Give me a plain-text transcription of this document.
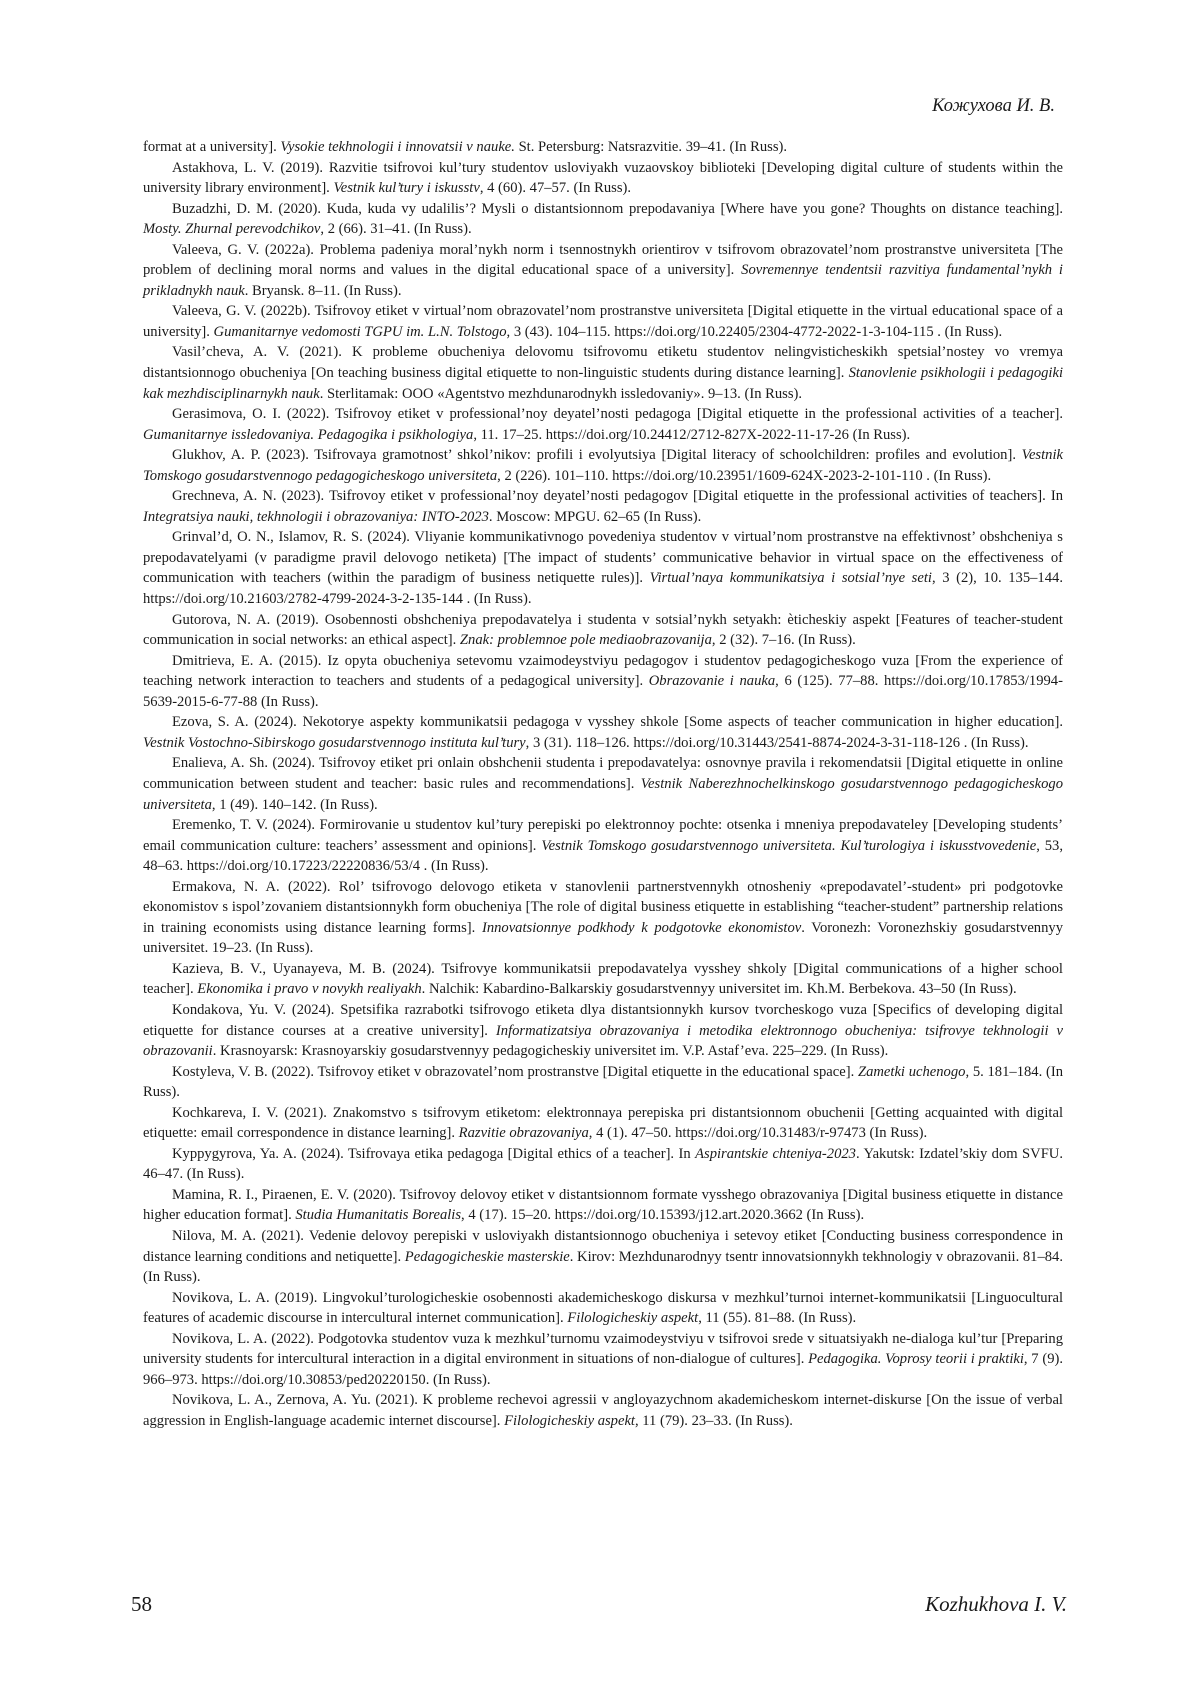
Кожухова И. В.

format at a university]. Vysokie tekhnologii i innovatsii v nauke. St. Petersburg: Natsrazvitie. 39–41. (In Russ).

Astakhova, L. V. (2019). Razvitie tsifrovoi kul’tury studentov usloviyakh vuzaovskoy biblioteki [Developing digital culture of students within the university library environment]. Vestnik kul’tury i iskusstv, 4 (60). 47–57. (In Russ).

Buzadzhi, D. M. (2020). Kuda, kuda vy udalilis’? Mysli o distantsionnom prepodavaniya [Where have you gone? Thoughts on distance teaching]. Mosty. Zhurnal perevodchikov, 2 (66). 31–41. (In Russ).

Valeeva, G. V. (2022a). Problema padeniya moral’nykh norm i tsennostnykh orientirov v tsifrovom obrazovatel’nom prostranstve universiteta [The problem of declining moral norms and values in the digital educational space of a university]. Sovremennye tendentsii razvitiya fundamental’nykh i prikladnykh nauk. Bryansk. 8–11. (In Russ).

Valeeva, G. V. (2022b). Tsifrovoy etiket v virtual’nom obrazovatel’nom prostranstve universiteta [Digital etiquette in the virtual educational space of a university]. Gumanitarnye vedomosti TGPU im. L.N. Tolstogo, 3 (43). 104–115. https://doi.org/10.22405/2304-4772-2022-1-3-104-115 . (In Russ).

Vasil’cheva, A. V. (2021). K probleme obucheniya delovomu tsifrovomu etiketu studentov nelingvisticheskikh spetsial’nostey vo vremya distantsionnogo obucheniya [On teaching business digital etiquette to non-linguistic students during distance learning]. Stanovlenie psikhologii i pedagogiki kak mezhdisciplinarnykh nauk. Sterlitamak: OOO «Agentstvo mezhdunarodnykh issledovaniy». 9–13. (In Russ).

Gerasimova, O. I. (2022). Tsifrovoy etiket v professional’noy deyatel’nosti pedagoga [Digital etiquette in the professional activities of a teacher]. Gumanitarnye issledovaniya. Pedagogika i psikhologiya, 11. 17–25. https://doi.org/10.24412/2712-827X-2022-11-17-26 (In Russ).

Glukhov, A. P. (2023). Tsifrovaya gramotnost’ shkol’nikov: profili i evolyutsiya [Digital literacy of schoolchildren: profiles and evolution]. Vestnik Tomskogo gosudarstvennogo pedagogicheskogo universiteta, 2 (226). 101–110. https://doi.org/10.23951/1609-624X-2023-2-101-110 . (In Russ).

Grechneva, A. N. (2023). Tsifrovoy etiket v professional’noy deyatel’nosti pedagogov [Digital etiquette in the professional activities of teachers]. In Integratsiya nauki, tekhnologii i obrazovaniya: INTO-2023. Moscow: MPGU. 62–65 (In Russ).

Grinval’d, O. N., Islamov, R. S. (2024). Vliyanie kommunikativnogo povedeniya studentov v virtual’nom prostranstve na effektivnost’ obshcheniya s prepodavatelyami (v paradigme pravil delovogo netiketa) [The impact of students’ communicative behavior in virtual space on the effectiveness of communication with teachers (within the paradigm of business netiquette rules)]. Virtual’naya kommunikatsiya i sotsial’nye seti, 3 (2), 10. 135–144. https://doi.org/10.21603/2782-4799-2024-3-2-135-144 . (In Russ).

Gutorova, N. A. (2019). Osobennosti obshcheniya prepodavatelya i studenta v sotsial’nykh setyakh: èticheskiy aspekt [Features of teacher-student communication in social networks: an ethical aspect]. Znak: problemnoe pole mediaobrazovanija, 2 (32). 7–16. (In Russ).

Dmitrieva, E. A. (2015). Iz opyta obucheniya setevomu vzaimodeystviyu pedagogov i studentov pedagogicheskogo vuza [From the experience of teaching network interaction to teachers and students of a pedagogical university]. Obrazovanie i nauka, 6 (125). 77–88. https://doi.org/10.17853/1994-5639-2015-6-77-88 (In Russ).

Ezova, S. A. (2024). Nekotorye aspekty kommunikatsii pedagoga v vysshey shkole [Some aspects of teacher communication in higher education]. Vestnik Vostochno-Sibirskogo gosudarstvennogo instituta kul’tury, 3 (31). 118–126. https://doi.org/10.31443/2541-8874-2024-3-31-118-126 . (In Russ).

Enalieva, A. Sh. (2024). Tsifrovoy etiket pri onlain obshchenii studenta i prepodavatelya: osnovnye pravila i rekomendatsii [Digital etiquette in online communication between student and teacher: basic rules and recommendations]. Vestnik Naberezhnochelkinskogo gosudarstvennogo pedagogicheskogo universiteta, 1 (49). 140–142. (In Russ).

Eremenko, T. V. (2024). Formirovanie u studentov kul’tury perepiski po elektronnoy pochte: otsenka i mneniya prepodavateley [Developing students’ email communication culture: teachers’ assessment and opinions]. Vestnik Tomskogo gosudarstvennogo universiteta. Kul’turologiya i iskusstvovedenie, 53, 48–63. https://doi.org/10.17223/22220836/53/4 . (In Russ).

Ermakova, N. A. (2022). Rol’ tsifrovogo delovogo etiketa v stanovlenii partnerstvennykh otnosheniy «prepodavatel’-student» pri podgotovke ekonomistov s ispol’zovaniem distantsionnykh form obucheniya [The role of digital business etiquette in establishing “teacher-student” partnership relations in training economists using distance learning forms]. Innovatsionnye podkhody k podgotovke ekonomistov. Voronezh: Voronezhskiy gosudarstvennyy universitet. 19–23. (In Russ).

Kazieva, B. V., Uyanayeva, M. B. (2024). Tsifrovye kommunikatsii prepodavatelya vysshey shkoly [Digital communications of a higher school teacher]. Ekonomika i pravo v novykh realiyakh. Nalchik: Kabardino-Balkarskiy gosudarstvennyy universitet im. Kh.M. Berbekova. 43–50 (In Russ).

Kondakova, Yu. V. (2024). Spetsifika razrabotki tsifrovogo etiketa dlya distantsionnykh kursov tvorcheskogo vuza [Specifics of developing digital etiquette for distance courses at a creative university]. Informatizatsiya obrazovaniya i metodika elektronnogo obucheniya: tsifrovye tekhnologii v obrazovanii. Krasnoyarsk: Krasnoyarskiy gosudarstvennyy pedagogicheskiy universitet im. V.P. Astaf’eva. 225–229. (In Russ).

Kostyleva, V. B. (2022). Tsifrovoy etiket v obrazovatel’nom prostranstve [Digital etiquette in the educational space]. Zametki uchenogo, 5. 181–184. (In Russ).

Kochkareva, I. V. (2021). Znakomstvo s tsifrovym etiketom: elektronnaya perepiska pri distantsionnom obuchenii [Getting acquainted with digital etiquette: email correspondence in distance learning]. Razvitie obrazovaniya, 4 (1). 47–50. https://doi.org/10.31483/r-97473 (In Russ).

Kyppygyrova, Ya. A. (2024). Tsifrovaya etika pedagoga [Digital ethics of a teacher]. In Aspirantskie chteniya-2023. Yakutsk: Izdatel’skiy dom SVFU. 46–47. (In Russ).

Mamina, R. I., Piraenen, E. V. (2020). Tsifrovoy delovoy etiket v distantsionnom formate vysshego obrazovaniya [Digital business etiquette in distance higher education format]. Studia Humanitatis Borealis, 4 (17). 15–20. https://doi.org/10.15393/j12.art.2020.3662 (In Russ).

Nilova, M. A. (2021). Vedenie delovoy perepiski v usloviyakh distantsionnogo obucheniya i setevoy etiket [Conducting business correspondence in distance learning conditions and netiquette]. Pedagogicheskie masterskie. Kirov: Mezhdunarodnyy tsentr innovatsionnykh tekhnologiy v obrazovanii. 81–84. (In Russ).

Novikova, L. A. (2019). Lingvokul’turologicheskie osobennosti akademicheskogo diskursa v mezhkul’turnoi internet-kommunikatsii [Linguocultural features of academic discourse in intercultural internet communication]. Filologicheskiy aspekt, 11 (55). 81–88. (In Russ).

Novikova, L. A. (2022). Podgotovka studentov vuza k mezhkul’turnomu vzaimodeystviyu v tsifrovoi srede v situatsiyakh ne-dialoga kul’tur [Preparing university students for intercultural interaction in a digital environment in situations of non-dialogue of cultures]. Pedagogika. Voprosy teorii i praktiki, 7 (9). 966–973. https://doi.org/10.30853/ped20220150. (In Russ).

Novikova, L. A., Zernova, A. Yu. (2021). K probleme rechevoi agressii v angloyazychnom akademicheskom internet-diskurse [On the issue of verbal aggression in English-language academic internet discourse]. Filologicheskiy aspekt, 11 (79). 23–33. (In Russ).

58	Kozhukhova I. V.
